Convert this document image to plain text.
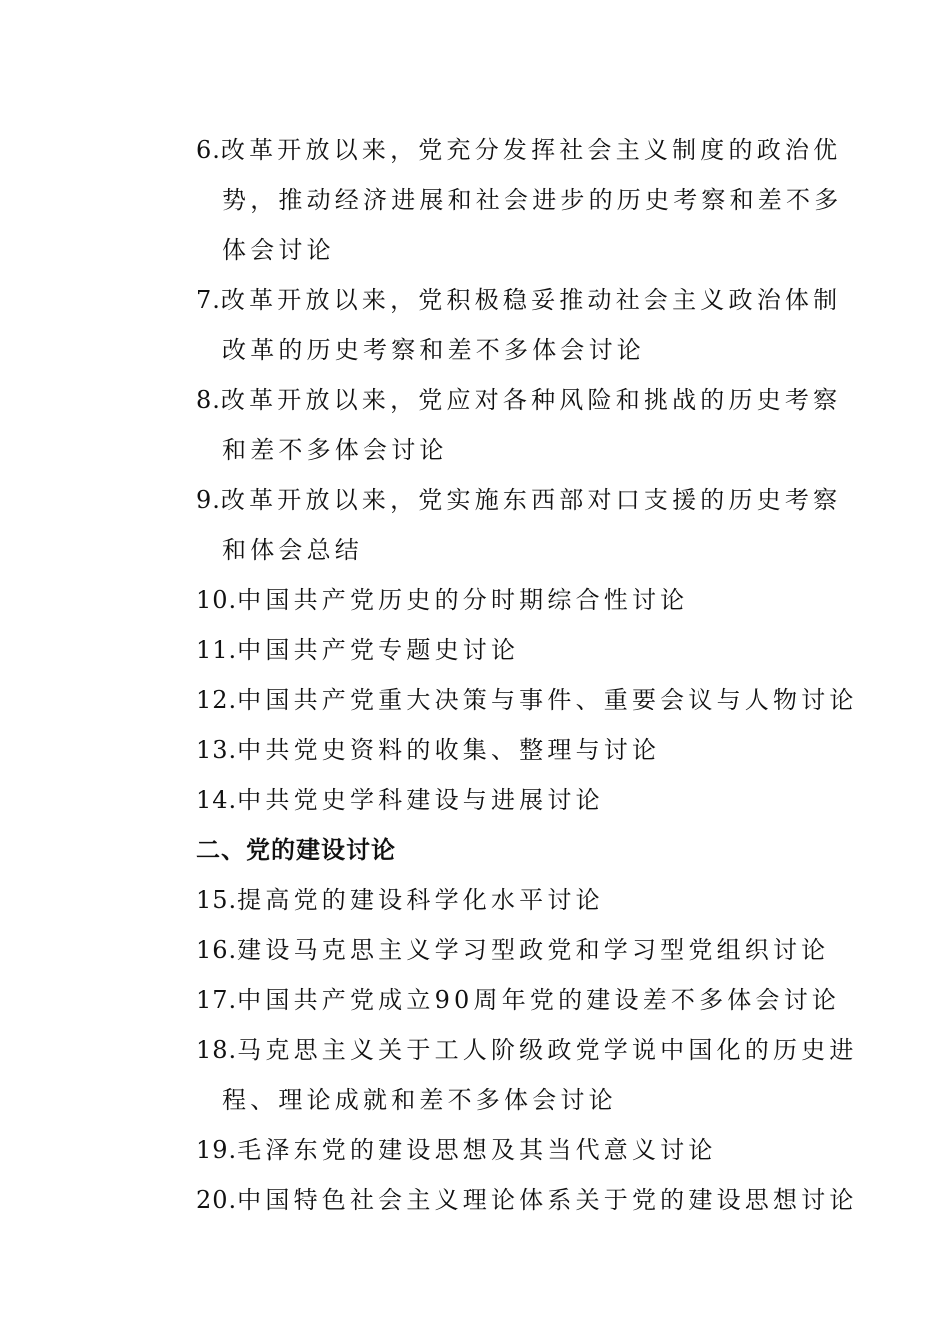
6.改革开放以来，党充分发挥社会主义制度的政治优
势，推动经济进展和社会进步的历史考察和差不多
体会讨论
7.改革开放以来，党积极稳妥推动社会主义政治体制
改革的历史考察和差不多体会讨论
8.改革开放以来，党应对各种风险和挑战的历史考察
和差不多体会讨论
9.改革开放以来，党实施东西部对口支援的历史考察
和体会总结
10.中国共产党历史的分时期综合性讨论
11.中国共产党专题史讨论
12.中国共产党重大决策与事件、重要会议与人物讨论
13.中共党史资料的收集、整理与讨论
14.中共党史学科建设与进展讨论
二、党的建设讨论
15.提高党的建设科学化水平讨论
16.建设马克思主义学习型政党和学习型党组织讨论
17.中国共产党成立90周年党的建设差不多体会讨论
18.马克思主义关于工人阶级政党学说中国化的历史进
程、理论成就和差不多体会讨论
19.毛泽东党的建设思想及其当代意义讨论
20.中国特色社会主义理论体系关于党的建设思想讨论
